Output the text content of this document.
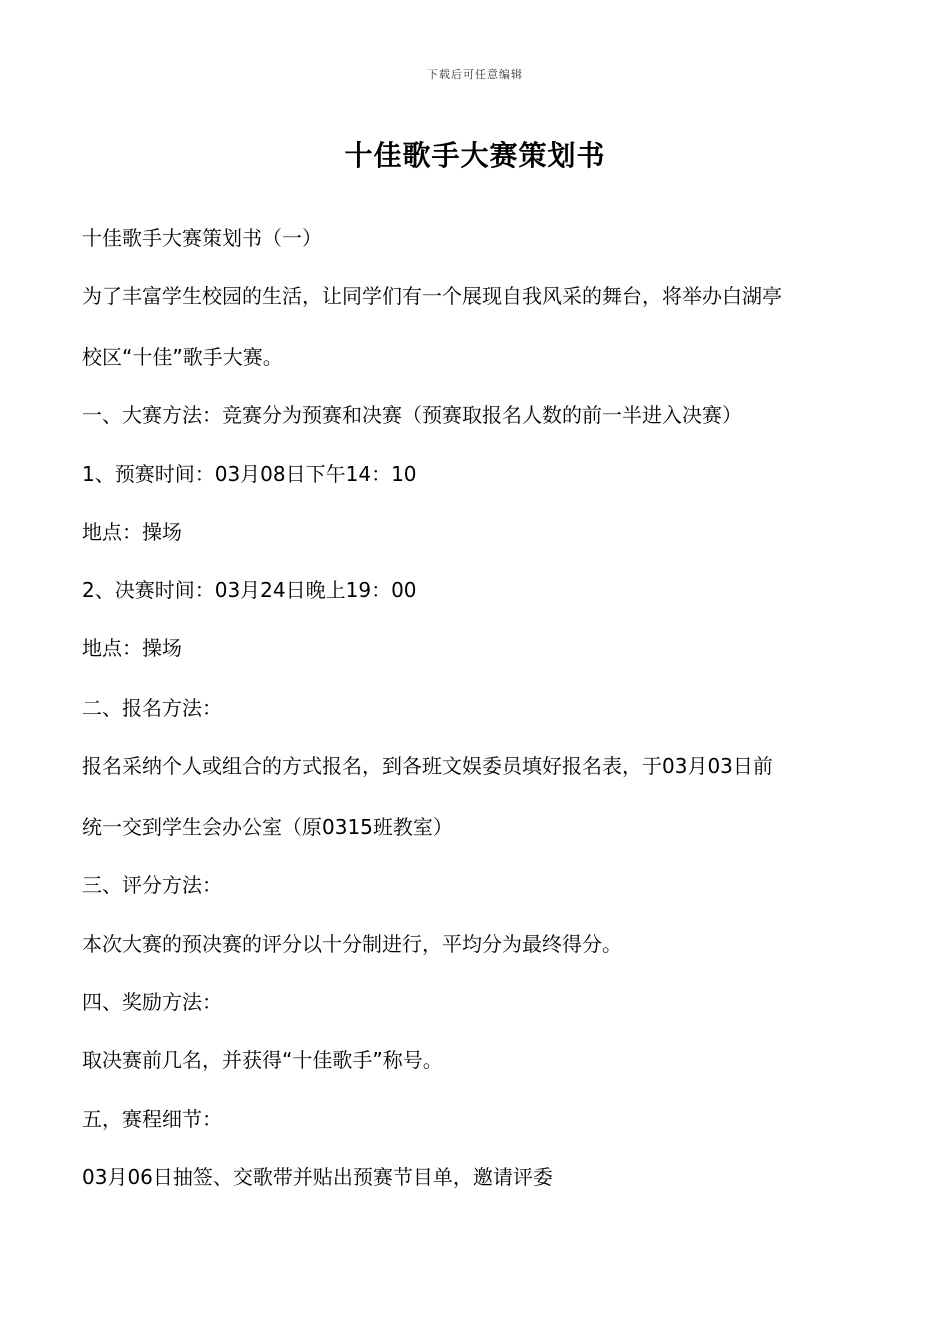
下载后可任意编辑
十佳歌手大赛策划书

十佳歌手大赛策划书（一）

为了丰富学生校园的生活，让同学们有一个展现自我风采的舞台，将举办白湖亭

校区“十佳”歌手大赛。

一、大赛方法：竞赛分为预赛和决赛（预赛取报名人数的前一半进入决赛）

1、预赛时间：03月08日下午14：10

地点：操场

2、决赛时间：03月24日晚上19：00

地点：操场

二、报名方法：

报名采纳个人或组合的方式报名，到各班文娱委员填好报名表，于03月03日前

统一交到学生会办公室（原0315班教室）

三、评分方法：

本次大赛的预决赛的评分以十分制进行，平均分为最终得分。

四、奖励方法：

取决赛前几名，并获得“十佳歌手”称号。

五，赛程细节：

03月06日抽签、交歌带并贴出预赛节目单，邀请评委
